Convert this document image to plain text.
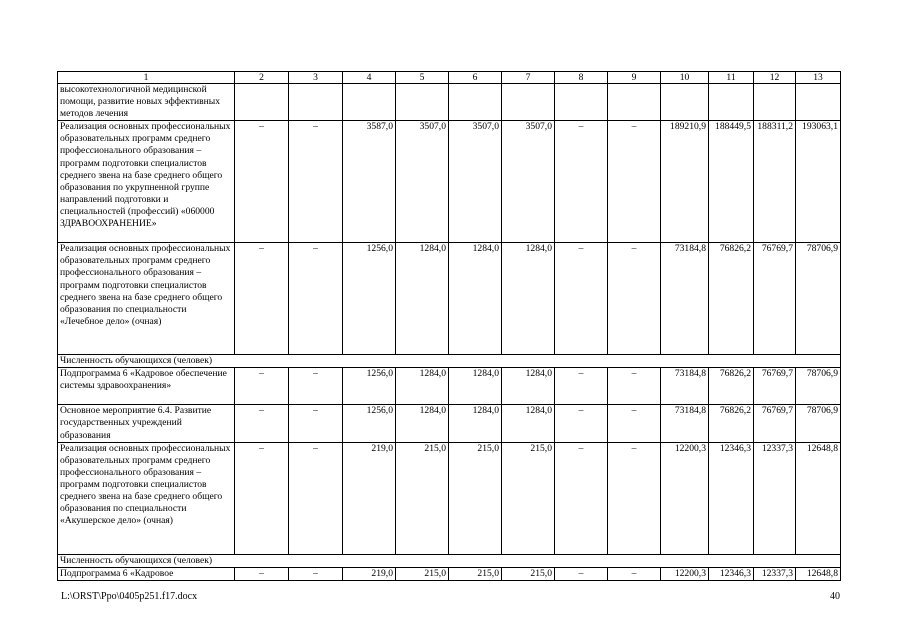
1	2	3	4	5	6	7	8	9	10	11	12	13
высокотехнологичной медицинской помощи, развитие новых эффективных методов лечения												
Реализация основных профессиональных образовательных программ среднего профессионального образования – программ подготовки специалистов среднего звена на базе среднего общего образования по укрупненной группе направлений подготовки и специальностей (профессий) «060000 ЗДРАВООХРАНЕНИЕ»	–	–	3587,0	3507,0	3507,0	3507,0	–	–	189210,9	188449,5	188311,2	193063,1
Реализация основных профессиональных образовательных программ среднего профессионального образования – программ подготовки специалистов среднего звена на базе среднего общего образования по специальности «Лечебное дело» (очная)	–	–	1256,0	1284,0	1284,0	1284,0	–	–	73184,8	76826,2	76769,7	78706,9
Численность обучающихся (человек)												
Подпрограмма 6 «Кадровое обеспечение системы здравоохранения»	–	–	1256,0	1284,0	1284,0	1284,0	–	–	73184,8	76826,2	76769,7	78706,9
Основное мероприятие 6.4. Развитие государственных учреждений образования	–	–	1256,0	1284,0	1284,0	1284,0	–	–	73184,8	76826,2	76769,7	78706,9
Реализация основных профессиональных образовательных программ среднего профессионального образования – программ подготовки специалистов среднего звена на базе среднего общего образования по специальности «Акушерское дело» (очная)	–	–	219,0	215,0	215,0	215,0	–	–	12200,3	12346,3	12337,3	12648,8
Численность обучающихся (человек)												
Подпрограмма 6 «Кадровое	–	–	219,0	215,0	215,0	215,0	–	–	12200,3	12346,3	12337,3	12648,8
L:\ORST\Ppo\0405p251.f17.docx	40
